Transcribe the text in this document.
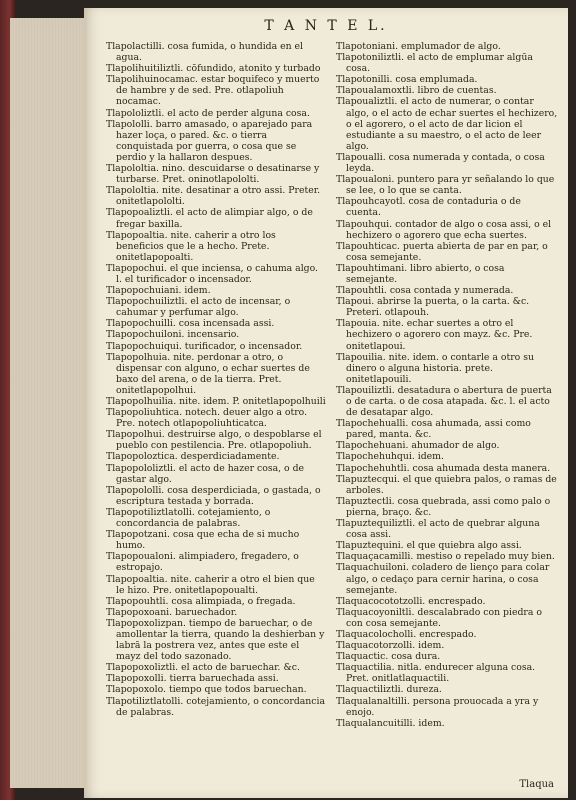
T A N T E L.

Tlapolactilli. cosa fumida, o hundida en el agua.

Tlapolihuitiliztli. cōfundido, atonito y turbado

Tlapolihuinocamac. estar boquifeco y muerto de hambre y de sed. Pre. otlapoliuh nocamac.

Tlapololiztli. el acto de perder alguna cosa.

Tlapololli. barro amasado, o aparejado para hazer loça, o pared. &c. o tierra conquistada por guerra, o cosa que se perdio y la hallaron despues.

Tlapololtia. nino. descuidarse o desatinarse y turbarse. Pret. oninotlapololti.

Tlapololtia. nite. desatinar a otro assi. Preter. onitetlapololti.

Tlapopoaliztli. el acto de alimpiar algo, o de fregar baxilla.

Tlapopoaltia. nite. caherir a otro los beneficios que le a hecho. Prete. onitetlapopoalti.

Tlapopochui. el que inciensa, o cahuma algo. l. el turificador o incensador.

Tlapopochuiani. idem.

Tlapopochuiliztli. el acto de incensar, o cahumar y perfumar algo.

Tlapopochuilli. cosa incensada assi.

Tlapopochuiloni. incensario.

Tlapopochuiqui. turificador, o incensador.

Tlapopolhuia. nite. perdonar a otro, o dispensar con alguno, o echar suertes de baxo del arena, o de la tierra. Pret. onitetlapopolhui.

Tlapopolhuilia. nite. idem. P. onitetlapopolhuili

Tlapopoliuhtica. notech. deuer algo a otro. Pre. notech otlapopoliuhticatca.

Tlapopolhui. destruirse algo, o despoblarse el pueblo con pestilencia. Pre. otlapopoliuh.

Tlapopoloztica. desperdiciadamente.

Tlapopololiztli. el acto de hazer cosa, o de gastar algo.

Tlapopololli. cosa desperdiciada, o gastada, o escriptura testada y borrada.

Tlapopotiliztlatolli. cotejamiento, o concordancia de palabras.

Tlapopotzani. cosa que echa de si mucho humo.

Tlapopoualoni. alimpiadero, fregadero, o estropajo.

Tlapopoaltia. nite. caherir a otro el bien que le hizo. Pre. onitetlapopoualti.

Tlapopouhtli. cosa alimpiada, o fregada.

Tlapopoxoani. baruechador.

Tlapopoxolizpan. tiempo de baruechar, o de amollentar la tierra, quando la deshierban y labrā la postrera vez, antes que este el mayz del todo sazonado.

Tlapopoxoliztli. el acto de baruechar. &c.

Tlapopoxolli. tierra baruechada assi.

Tlapopoxolo. tiempo que todos baruechan.

Tlapotiliztlatolli. cotejamiento, o concordancia de palabras.

Tlapotoniani. emplumador de algo.

Tlapotoniliztli. el acto de emplumar algūa cosa.

Tlapotonilli. cosa emplumada.

Tlapoualamoxtli. libro de cuentas.

Tlapoualiztli. el acto de numerar, o contar algo, o el acto de echar suertes el hechizero, o el agorero, o el acto de dar licion el estudiante a su maestro, o el acto de leer algo.

Tlapoualli. cosa numerada y contada, o cosa leyda.

Tlapoualoni. puntero para yr señalando lo que se lee, o lo que se canta.

Tlapouhcayotl. cosa de contaduria o de cuenta.

Tlapouhqui. contador de algo o cosa assi, o el hechizero o agorero que echa suertes.

Tlapouhticac. puerta abierta de par en par, o cosa semejante.

Tlapouhtimani. libro abierto, o cosa semejante.

Tlapouhtli. cosa contada y numerada.

Tlapoui. abrirse la puerta, o la carta. &c. Preteri. otlapouh.

Tlapouia. nite. echar suertes a otro el hechizero o agorero con mayz. &c. Pre. onitetlapoui.

Tlapouilia. nite. idem. o contarle a otro su dinero o alguna historia. prete. onitetlapouili.

Tlapouiliztli. desatadura o abertura de puerta o de carta. o de cosa atapada. &c. l. el acto de desatapar algo.

Tlapochehualli. cosa ahumada, assi como pared, manta. &c.

Tlapochehuani. ahumador de algo.

Tlapochehuhqui. idem.

Tlapochehuhtli. cosa ahumada desta manera.

Tlapuztecqui. el que quiebra palos, o ramas de arboles.

Tlapuztectli. cosa quebrada, assi como palo o pierna, braço. &c.

Tlapuztequiliztli. el acto de quebrar alguna cosa assi.

Tlapuztequini. el que quiebra algo assi.

Tlaquaçacamilli. mestiso o repelado muy bien.

Tlaquachuiloni. coladero de lienço para colar algo, o cedaço para cernir harina, o cosa semejante.

Tlaquacocototzolli. encrespado.

Tlaquacoyoniltli. descalabrado con piedra o con cosa semejante.

Tlaquacolocholli. encrespado.

Tlaquacotorzolli. idem.

Tlaquactic. cosa dura.

Tlaquactilia. nitla. endurecer alguna cosa. Pret. onitlatlaquactili.

Tlaquactiliztli. dureza.

Tlaqualanaltilli. persona prouocada a yra y enojo.

Tlaqualancuitilli. idem.

Tlaqua
